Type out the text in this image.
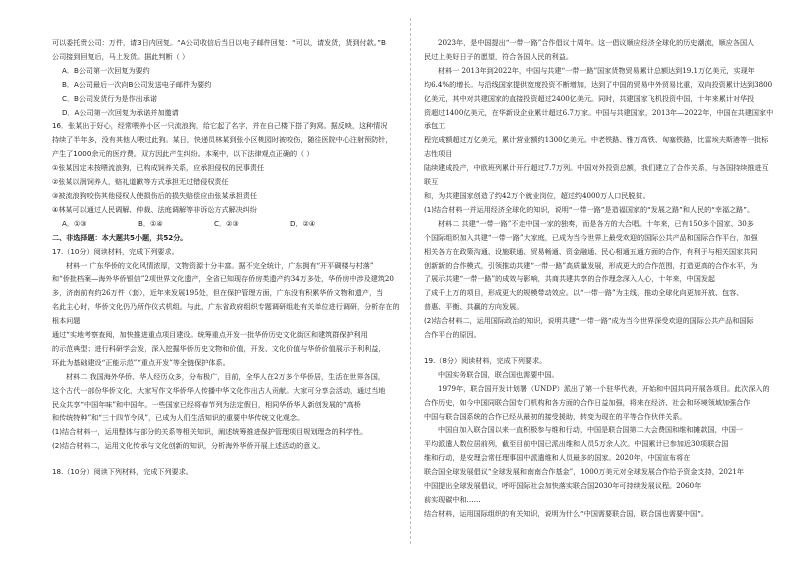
可以委托贵公司：万件，请3日内回复。“A公司收信后当日以电子邮件回复：“可以，请发货，货到付款。”B

公司接到回复后，马上发货。据此判断（ ）

A．B公司第一次回复为要约

B．A公司最后一次向B公司发送电子邮件为要约

C．B公司发货行为是作出承诺

D．A公司第一次回复为承诺并加邀请

16．张某出于好心，经常喂养小区一只流浪狗，给它起了名字，并在自己楼下搭了狗窝。据反映，这种情况

持续了半年多，没有其他人喂过此狗。某日，快递员林某到张小区桃园时被咬伤，随往医院中心注射预防针，

产生了1000余元的医疗费。双方因此产生纠纷。本案中，以下法律观点正确的（ ）

①张某因定未按喂流浪狗，已构成饲养关系，应承担侵权的民事责任

②张某以润饲养人，赔礼道歉等方式承担无过错侵权责任

③被流浪狗咬伤其他侵权人使损伤后的损失赔偿应由张某承担责任

④林某可以通过人民调解、仲裁、法庭调解等非诉讼方式解决纠纷

A．①③	B．①④	C．②③	D．②④

二、非选择题：本大题共5小题，共52分。

17.（10分）阅读材料，完成下列要求。

材料一 广东华侨的文化风情浓厚，文物资源十分丰富。据不完全统计，广东拥有“开平碉楼与村落”

和“侨批档案—海外华侨银信”2项世界文化遗产，全省已知现存侨房类遗产约34万多处，华侨房中涉及建筑20

多，济南前有约26万件（套），近年来发展195处，但在保护管理方面，广东没有积累华侨文物和遗产，当

名此主心时，华侨文化仍乃所作仪式机组。与此，广东省政府组织专题调研组赴有关单位进行调研，分析存在的根本问题

通过“实地考察查阅，加快推进重点项目建设。统筹重点开发一批华侨历史文化街区和建筑群保护利用

的示范典型；进行科研学会发，深入挖掘华侨历史文物和价值，开发、文化价值与华侨价值展示予利利益，

环此为基础建设“正能示范”“重点开发”等全链保护体系。

材料二 我国海外华侨、华人经历众多，分布极广，目前，全华人在2万多个华侨居，生活在世界各国，

这个古代一部份华侨文化，大家写作文华侨华人传播中华文化作出古人贡献。大家可分享会活动，通过当地

民众共享“中国年味”和中国年。一些国家已经将春节列为法定假日，相同华侨华人新创发展的“高桥

和传统特种”和“三十四节令风”，已成为人们生活知识的重要中华传统文化观念。

(1)结合材料一，运用整体与部分的关系等相关知识，阐述统筹推进保护管理项目规划理念的科学性。

(2)结合材料二，运用文化传承与文化创新的知识，分析海外华侨开展上述活动的意义。

18.（10分）阅读下列材料，完成下列要求。

2023年，是中国提出“一带一路”合作倡议十周年。这一倡议顺应经济全球化的历史潮流，顺应各国人

民过上美好日子的愿望，符合各国人民的利益。

材料一 2013年到2022年，中国与共建“一带一路”国家货物贸易累计总额达到19.1万亿美元，实现年

均6.4%的增长。与沿线国家提供宽度投资不断增加，达到了中国的贸易中外贸易比重，双向投资累计达到3800

亿美元，其中对共建国家的直接投资超过2400亿美元。同时，共建国家飞机投资中国，十年来累计对华投

资超过1400亿美元，在华新设企业累计超过6.7万家。中国与共建国家，2013年—2022年，中国在共建国家中承包工

程完成额超过万亿美元，累计营业额约1300亿美元。中老铁路、雅万高铁、匈塞铁路，比雷埃夫斯港等一批标志性项目

陆续建成投产，中欧班列累计开行超过7.7万列。中国对外投资总额，我们建立了合作关系，与各国持续推进互联互

和，为共建国家创造了约42万个就业岗位，超过约4000万人口民脱贫。

(1)结合材料一并运用经济全球化的知识，说明“一带一路”是造福国家的“发展之路”和人民的“幸福之路”。

材料二 共建“一带一路”不走中国一家的独奏，而是各方的大合唱。十年来，已有150多个国家、30多

个国际组织加入共建“一带一路”大家庭，已成为当今世界上最受欢迎的国际公共产品和国际合作平台，加强

相关各方在政策沟通、设施联通、贸易畅通、资金融通、民心相通五通方面的合作，有利于与相关国家共同

创新新的合作模式，引领推动共建“一带一路”高质量发展，形成更大的合作范围，打造更高的合作水平，为

了展示共建“一带一路”的成效与影响，共商共建共享的合作理念深入人心，十年来，中国发起

了成千上万的项目，形成更大的规模带动效应。以“一带一路”为主线，推动全球化向更加开放、包容、

普惠、平衡、共赢的方向发展。

(2)结合材料二，运用国际政治的知识，说明共建“一带一路”成为当今世界深受欢迎的国际公共产品和国际

合作平台的原因。

19.（8分）阅读材料，完成下列要求。

中国实务联合国，联合国也需要中国。

1979年，联合国开发计划署（UNDP）派出了第一个驻华代表，开始和中国共同开展各项目。此次深入的

合作历史，如今中国同联合国专门机构和各方面的合作日益加强，将来在经济、社会和环境领域加强合作

中国与联合国系统的合作已经从最初的接受援助，转变为现在的平等合作伙伴关系。

中国自加入联合国以来一直积极参与维和行动，中国是联合国第二大会费国和维和摊款国，中国一

平均派遣人数位居前列，截至目前中国已派出维和人员5万余人次。中国累计已参加近30项联合国

维和行动，是安理会常任理事国中派遣维和人员最多的国家。2020年，中国宣布将在

联合国全球发展倡议“全球发展和南南合作基金”，1000万美元对全球发展合作给予资金支持，2021年

中国提出全球发展倡议，呼吁国际社会加快落实联合国2030年可持续发展议程。2060年

前实现碳中和……

结合材料，运用国际组织的有关知识，说明为什么“中国需要联合国，联合国也需要中国”。
